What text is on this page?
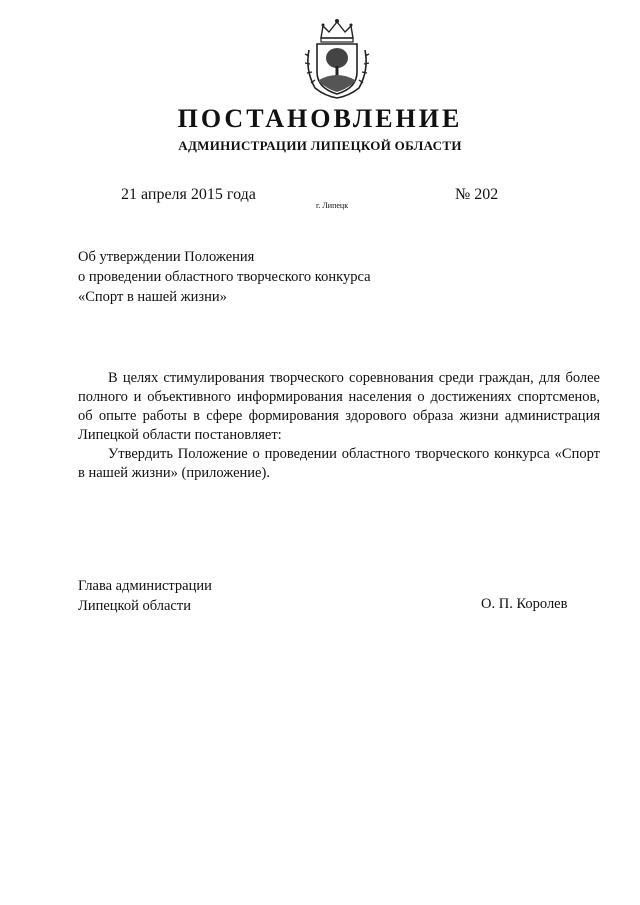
ПОСТАНОВЛЕНИЕ
АДМИНИСТРАЦИИ ЛИПЕЦКОЙ ОБЛАСТИ
21 апреля 2015 года
г. Липецк
№ 202
Об утверждении Положения
о проведении областного творческого конкурса
«Спорт в нашей жизни»

В целях стимулирования творческого соревнования среди граждан, для более полного и объективного информирования населения о достижениях спортсменов, об опыте работы в сфере формирования здорового образа жизни администрация Липецкой области постановляет:

Утвердить Положение о проведении областного творческого конкурса «Спорт в нашей жизни» (приложение).

Глава администрации
Липецкой области	О. П. Королев
